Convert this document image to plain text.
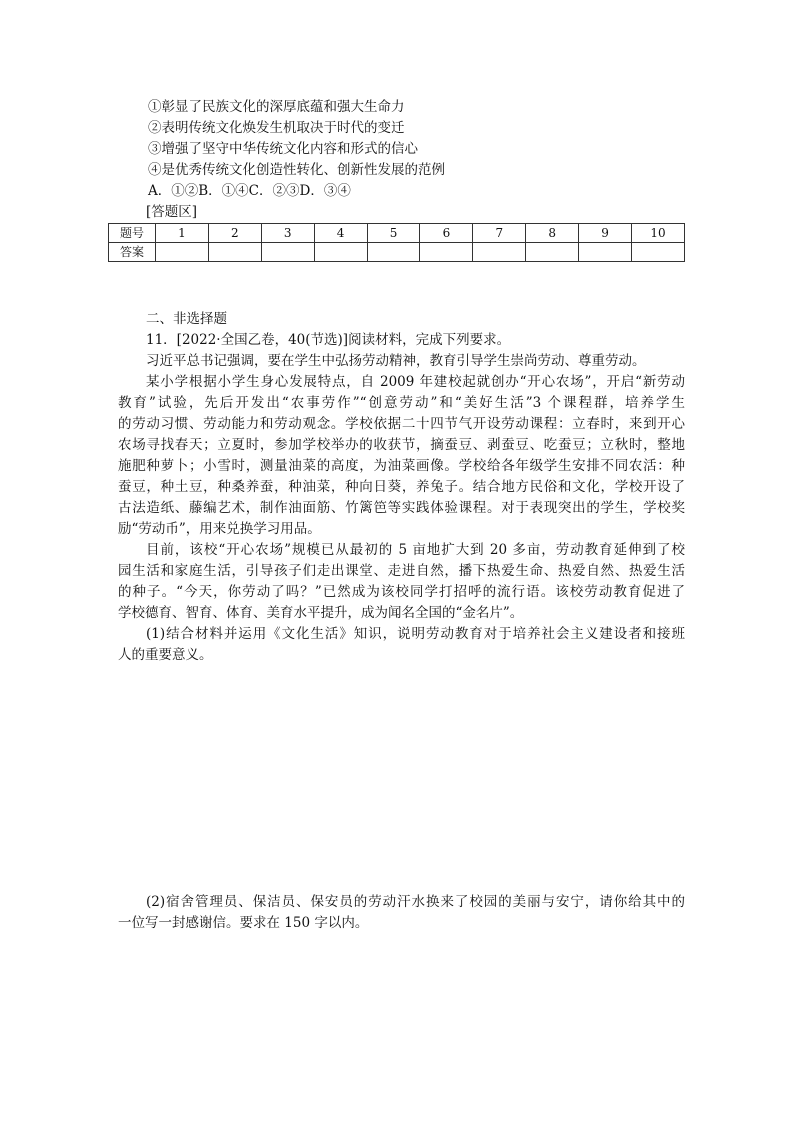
①彰显了民族文化的深厚底蕴和强大生命力

②表明传统文化焕发生机取决于时代的变迁

③增强了坚守中华传统文化内容和形式的信心

④是优秀传统文化创造性转化、创新性发展的范例

A．①②B．①④C．②③D．③④

[答题区]

题号	1	2	3	4	5	6	7	8	9	10
答案										

二、非选择题

11．[2022·全国乙卷，40(节选)]阅读材料，完成下列要求。

习近平总书记强调，要在学生中弘扬劳动精神，教育引导学生崇尚劳动、尊重劳动。

某小学根据小学生身心发展特点，自 2009 年建校起就创办“开心农场”，开启“新劳动

教育”试验，先后开发出“农事劳作”“创意劳动”和“美好生活”3 个课程群，培养学生

的劳动习惯、劳动能力和劳动观念。学校依据二十四节气开设劳动课程：立春时，来到开心

农场寻找春天；立夏时，参加学校举办的收获节，摘蚕豆、剥蚕豆、吃蚕豆；立秋时，整地

施肥种萝卜；小雪时，测量油菜的高度，为油菜画像。学校给各年级学生安排不同农活：种

蚕豆，种土豆，种桑养蚕，种油菜，种向日葵，养兔子。结合地方民俗和文化，学校开设了

古法造纸、藤编艺术，制作油面筋、竹篱笆等实践体验课程。对于表现突出的学生，学校奖

励“劳动币”，用来兑换学习用品。

目前，该校“开心农场”规模已从最初的 5 亩地扩大到 20 多亩，劳动教育延伸到了校

园生活和家庭生活，引导孩子们走出课堂、走进自然，播下热爱生命、热爱自然、热爱生活

的种子。“今天，你劳动了吗？”已然成为该校同学打招呼的流行语。该校劳动教育促进了

学校德育、智育、体育、美育水平提升，成为闻名全国的“金名片”。

(1)结合材料并运用《文化生活》知识，说明劳动教育对于培养社会主义建设者和接班

人的重要意义。

(2)宿舍管理员、保洁员、保安员的劳动汗水换来了校园的美丽与安宁，请你给其中的

一位写一封感谢信。要求在 150 字以内。
